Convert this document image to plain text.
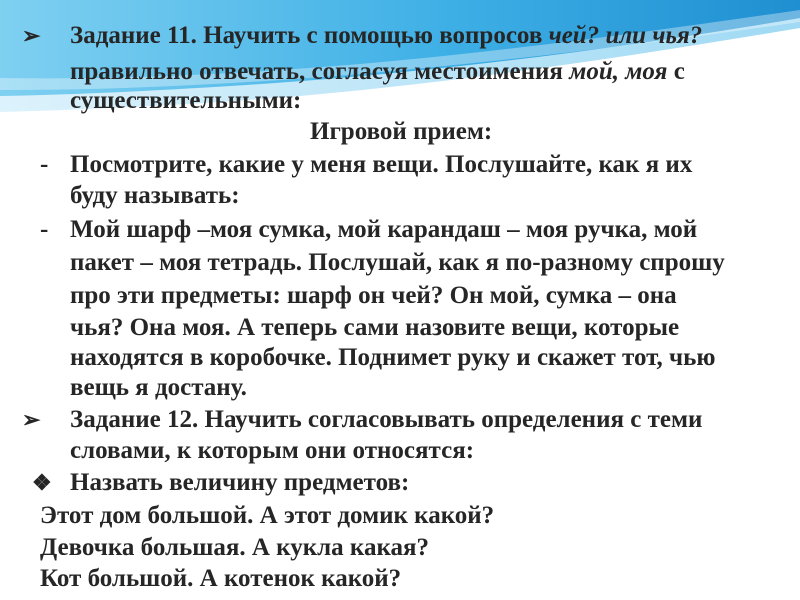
➢ Задание 11. Научить с помощью вопросов чей? или чья?
правильно отвечать, согласуя местоимения мой, моя с
существительными:
Игровой прием:
- Посмотрите, какие у меня вещи. Послушайте, как я их
буду называть:
- Мой шарф –моя сумка, мой карандаш – моя ручка, мой
пакет – моя тетрадь. Послушай, как я по-разному спрошу
про эти предметы: шарф он чей? Он мой, сумка – она
чья? Она моя. А теперь сами назовите вещи, которые
находятся в коробочке. Поднимет руку и скажет тот, чью
вещь я достану.
➢ Задание 12. Научить согласовывать определения с теми
словами, к которым они относятся:
❖ Назвать величину предметов:
Этот дом большой. А этот домик какой?
Девочка большая. А кукла какая?
Кот большой. А котенок какой?
